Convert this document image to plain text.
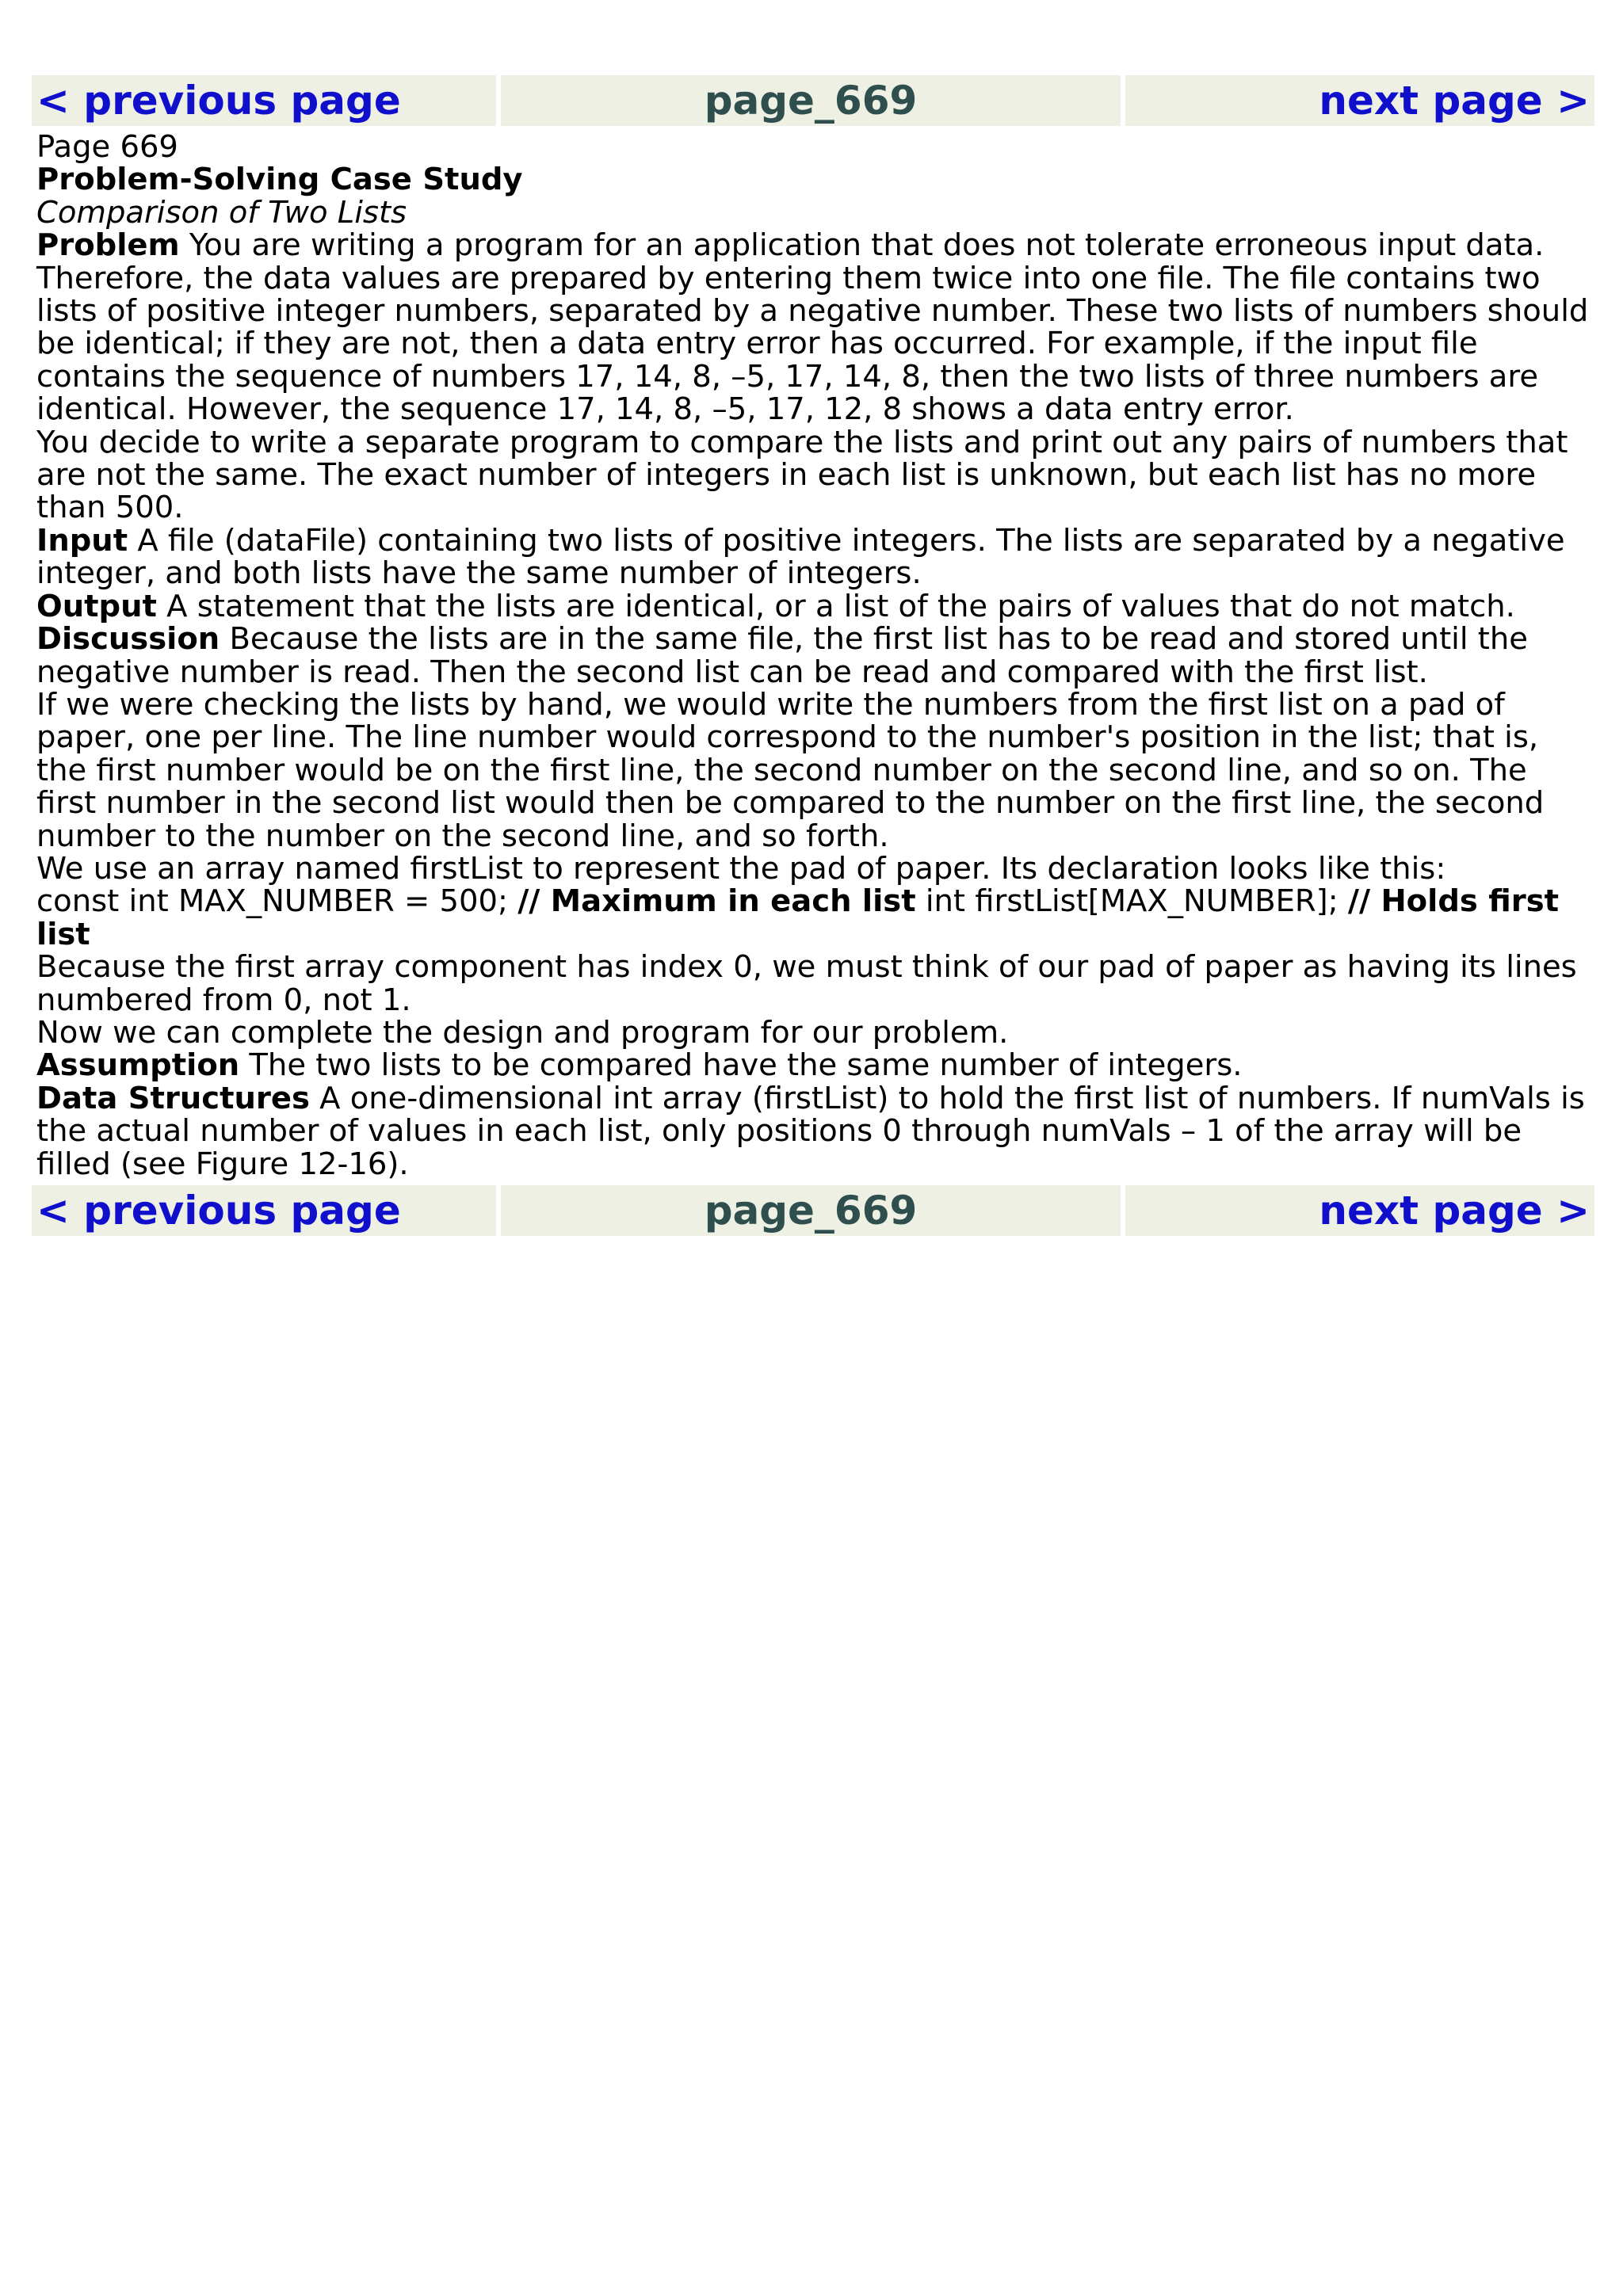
< previous page	page_669	next page >

Page 669

Problem-Solving Case Study

Comparison of Two Lists

Problem You are writing a program for an application that does not tolerate erroneous input data. Therefore, the data values are prepared by entering them twice into one file. The file contains two lists of positive integer numbers, separated by a negative number. These two lists of numbers should be identical; if they are not, then a data entry error has occurred. For example, if the input file contains the sequence of numbers 17, 14, 8, –5, 17, 14, 8, then the two lists of three numbers are identical. However, the sequence 17, 14, 8, –5, 17, 12, 8 shows a data entry error.

You decide to write a separate program to compare the lists and print out any pairs of numbers that are not the same. The exact number of integers in each list is unknown, but each list has no more than 500.

Input A file (dataFile) containing two lists of positive integers. The lists are separated by a negative integer, and both lists have the same number of integers.

Output A statement that the lists are identical, or a list of the pairs of values that do not match.

Discussion Because the lists are in the same file, the first list has to be read and stored until the negative number is read. Then the second list can be read and compared with the first list.

If we were checking the lists by hand, we would write the numbers from the first list on a pad of paper, one per line. The line number would correspond to the number's position in the list; that is, the first number would be on the first line, the second number on the second line, and so on. The first number in the second list would then be compared to the number on the first line, the second number to the number on the second line, and so forth.

We use an array named firstList to represent the pad of paper. Its declaration looks like this:

const int MAX_NUMBER = 500; // Maximum in each list int firstList[MAX_NUMBER]; // Holds first list

Because the first array component has index 0, we must think of our pad of paper as having its lines numbered from 0, not 1.

Now we can complete the design and program for our problem.

Assumption The two lists to be compared have the same number of integers.

Data Structures A one-dimensional int array (firstList) to hold the first list of numbers. If numVals is the actual number of values in each list, only positions 0 through numVals – 1 of the array will be filled (see Figure 12-16).

< previous page	page_669	next page >
